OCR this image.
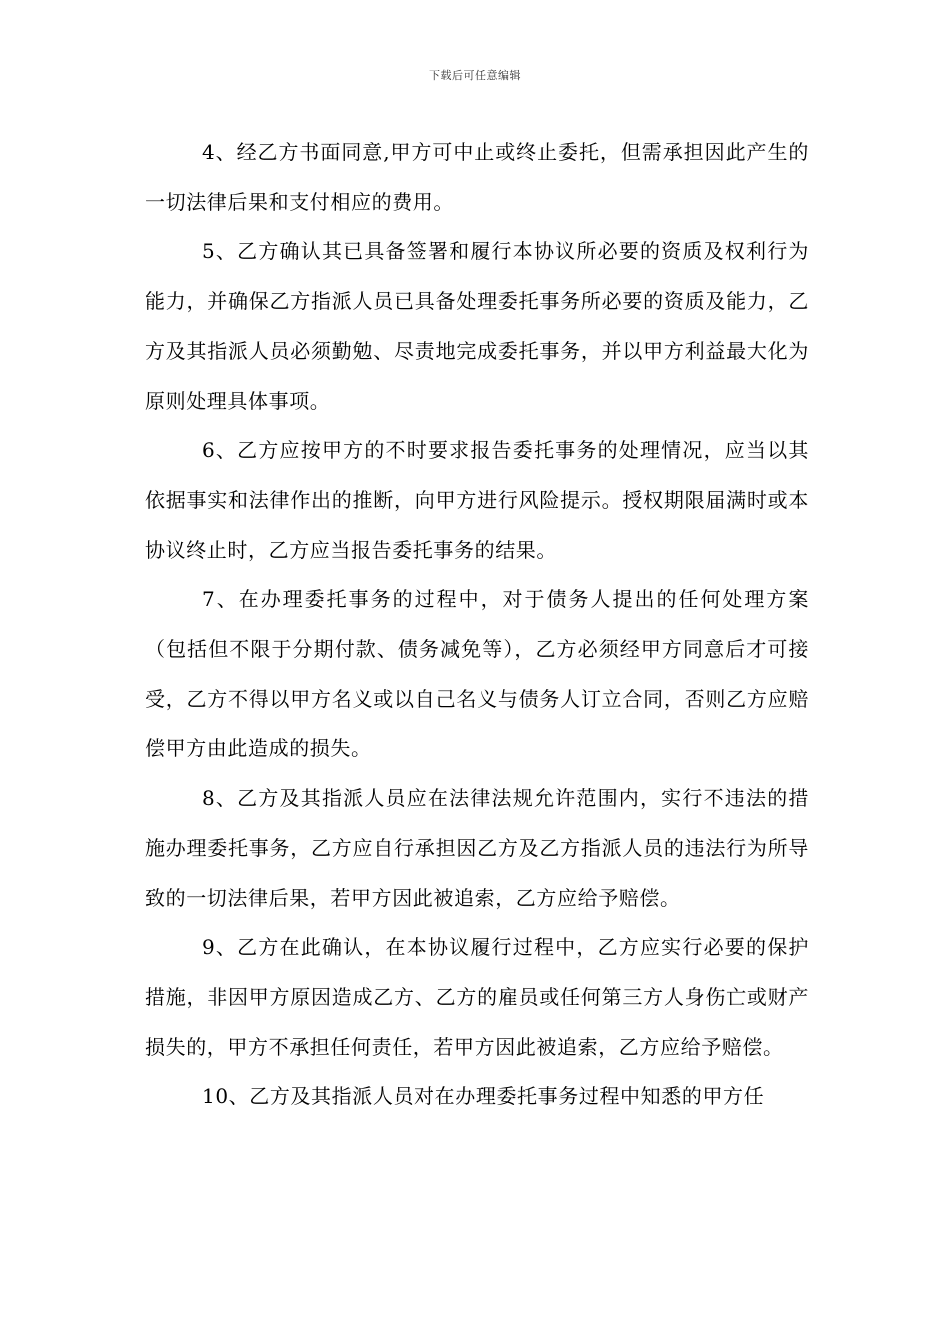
下载后可任意编辑

4、经乙方书面同意,甲方可中止或终止委托，但需承担因此产生的一切法律后果和支付相应的费用。

5、乙方确认其已具备签署和履行本协议所必要的资质及权利行为能力，并确保乙方指派人员已具备处理委托事务所必要的资质及能力，乙方及其指派人员必须勤勉、尽责地完成委托事务，并以甲方利益最大化为原则处理具体事项。

6、乙方应按甲方的不时要求报告委托事务的处理情况，应当以其依据事实和法律作出的推断，向甲方进行风险提示。授权期限届满时或本协议终止时，乙方应当报告委托事务的结果。

7、在办理委托事务的过程中，对于债务人提出的任何处理方案（包括但不限于分期付款、债务减免等），乙方必须经甲方同意后才可接受，乙方不得以甲方名义或以自己名义与债务人订立合同，否则乙方应赔偿甲方由此造成的损失。

8、乙方及其指派人员应在法律法规允许范围内，实行不违法的措施办理委托事务，乙方应自行承担因乙方及乙方指派人员的违法行为所导致的一切法律后果，若甲方因此被追索，乙方应给予赔偿。

9、乙方在此确认，在本协议履行过程中，乙方应实行必要的保护措施，非因甲方原因造成乙方、乙方的雇员或任何第三方人身伤亡或财产损失的，甲方不承担任何责任，若甲方因此被追索，乙方应给予赔偿。

10、乙方及其指派人员对在办理委托事务过程中知悉的甲方任
